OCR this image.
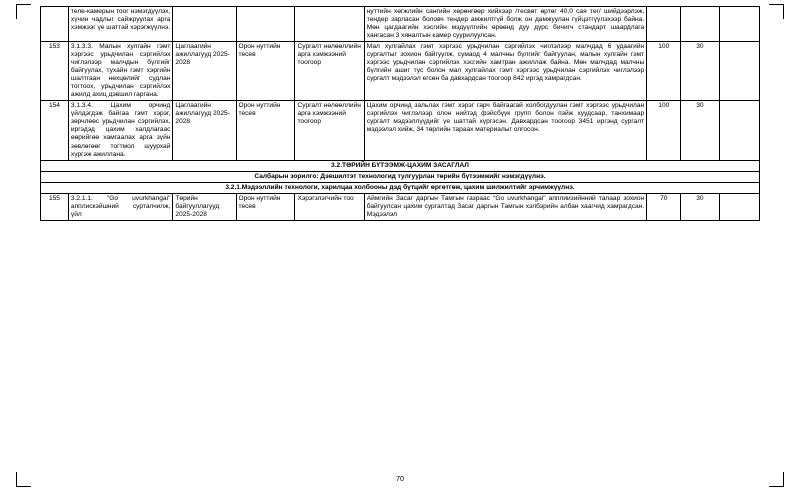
	теле-камерын тоог нэмэгдүүлэх, хүчин чадлыг сайжруулах арга хэмжээг үе шаттай хэрэгжүүлнэ.				нуттийн хөгжлийн сангийн хөрөнгөөр хийхээр /тесвөт өртөг 40,0 сая тег/ шийдээрлэж, тендер зарласан боловч тендер амжилтгүй болж он дамжуулан гүйцэтгүүлэхээр байна. Мөн цагдаагийн хэсгийн мэдүүлгийн өрөөнд дуу дүрс бичигч стандарт шаардлага хангасан 3 хяналтын камер суурилуулсан.			
153	3.1.3.3. Малын хулгайн гэмт хэргээс урьдчилан сэргийлэх чиглэлээр малчдын бүлгийг байгуулах, тухайн гэмт хэргийн шалтгаан нөхцөлийг судлан тогтоох, урьдчилан сэргийлэх ажилд ахиц дэвшил гаргана.	Цаглаагийн ажиллагууд 2025-2028	Орон нуттийн тесев	Сургалт нөлөөллийн арга хэмжээний тоогоор	Мал хулгайлах гэмт хэргээс урьдчилан сэргийлэх чиглэлээр малчдад 6 удаагийн сургалтыг зохион байгуулж, сумаод 4 малчны бүлгийг байгуулан, малын хулгайн гэмт хэргээс урьдчилан сэргийлэх хэсгийн хамтран ажиллаж байна. Мөн малчдад малчны бүлгийн ашиг тус болон мал хулгайлах гэмт хэргээс урьдчилан сэргийлэх чиглэлээр сургалт мэдээлэл егсөн ба давхардсан тоогоор 842 иргэд хамрагдсан.	100	30	
154	3.1.3.4. Цахим орчинд үйлдэгдэж байгаа гэмт хэрэг, зөрчлөөс урьдчилан сэргийлэх, иргэдэд цахим халдлагаас өөрийгөө хамгаалах арга зүйн зөвлөгөөг тогтмол шуурхай хүргэж ажиллана.	Цаглаагийн ажиллагууд 2025-2028	Орон нуттийн тесев	Сургалт нөлөөллийн арга хэмжээний тоогоор	Цахим орчинд зальлах гэмт хэрэг гарч байгаагай холбогдуулан гэмт хэргээс урьдчилан сэргийлэх чиглэлээр олон нийтэд фэйсбүүк групп болон пэйж хуудсаар, танхимаар сургалт мэдээллүүдийг үе шаттай хүргэсэн. Давхардсан тоогоор 3451 иргэнд сургалт мэдээлэл хийж, 34 төрлийн тараах материалыг олгосон.	100	30	
3.2.ТӨРИЙН БҮТЭЭМЖ-ЦАХИМ ЗАСАГЛАЛ								
Салбарын зорилго: Дэвшилтэт технологид тулгуурлан төрийн бүтээмжийг нэмэгдүүлнэ.								
3.2.1.Мэдээллийн технологи, харилцаа холбооны дэд бүтцийг өргөтгөж, цахим шилжилтийг эрчимжүүлнэ.								
155	3.2.1.1. "Go uvurkhangai" апплискэйшний сурталчилж, үйл	Төрийн байгууллагууд 2025-2028	Орон нуттийн тесев	Хэрэгзлэгчийн тоо	Аймгийн Засаг даргын Тамгын газраас "Go uvurkhangai" апплиизийнний талаар зохион байгуулсан цахим сургалтад Засаг даргын Тамгын хэлбэрийн албан хаагчид хамрагдсан. Мэдээлэл	70	30	
70
